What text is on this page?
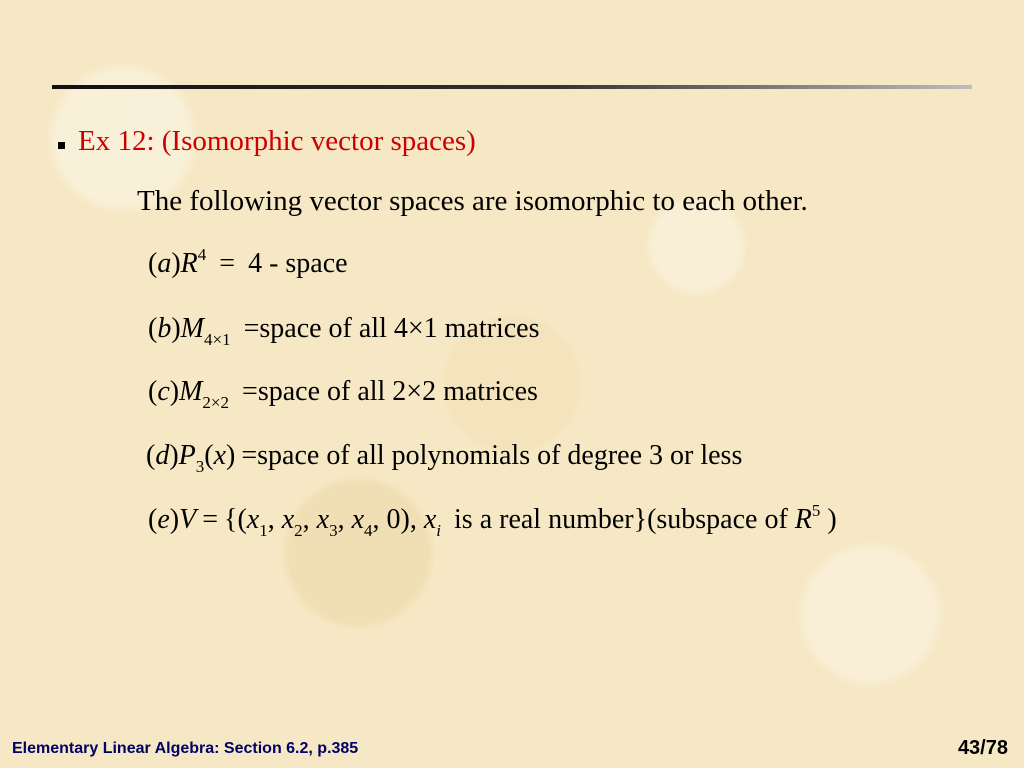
Ex 12: (Isomorphic vector spaces)
The following vector spaces are isomorphic to each other.
$(a)R^4 = 4$ - space
$(b)M_{4\times 1}$ =space of all 4×1 matrices
$(c)M_{2\times 2}$ =space of all 2×2 matrices
$(d)P_3(x)$ =space of all polynomials of degree 3 or less
$(e)V = \{(x_1$, $x_2$, $x_3$, $x_4$, 0), $x_i$ is a real number}(subspace of $R^5$ )
Elementary Linear Algebra: Section 6.2, p.385	43/78
